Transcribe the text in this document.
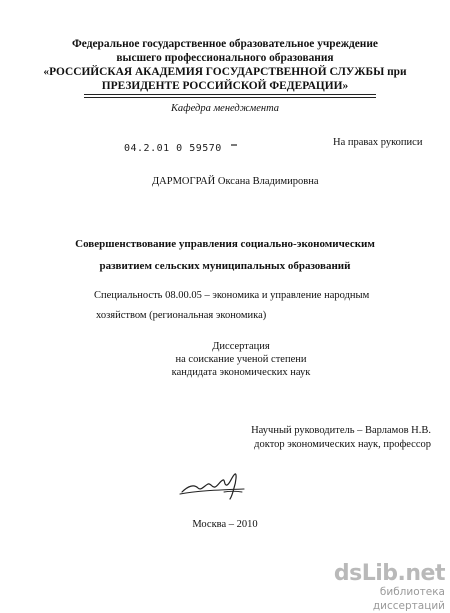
Федеральное государственное образовательное учреждение
высшего профессионального образования
«РОССИЙСКАЯ АКАДЕМИЯ ГОСУДАРСТВЕННОЙ СЛУЖБЫ при
ПРЕЗИДЕНТЕ РОССИЙСКОЙ ФЕДЕРАЦИИ»
Кафедра менеджмента
На правах рукописи
04.2.01 0 59570
ДАРМОГРАЙ Оксана Владимировна
Совершенствование управления социально-экономическим
развитием сельских муниципальных образований
Специальность 08.00.05 – экономика и управление народным
хозяйством (региональная экономика)
Диссертация
на соискание ученой степени
кандидата экономических наук
Научный руководитель – Варламов Н.В.
доктор экономических наук, профессор
Москва – 2010
dsLib.net
библиотека диссертаций
